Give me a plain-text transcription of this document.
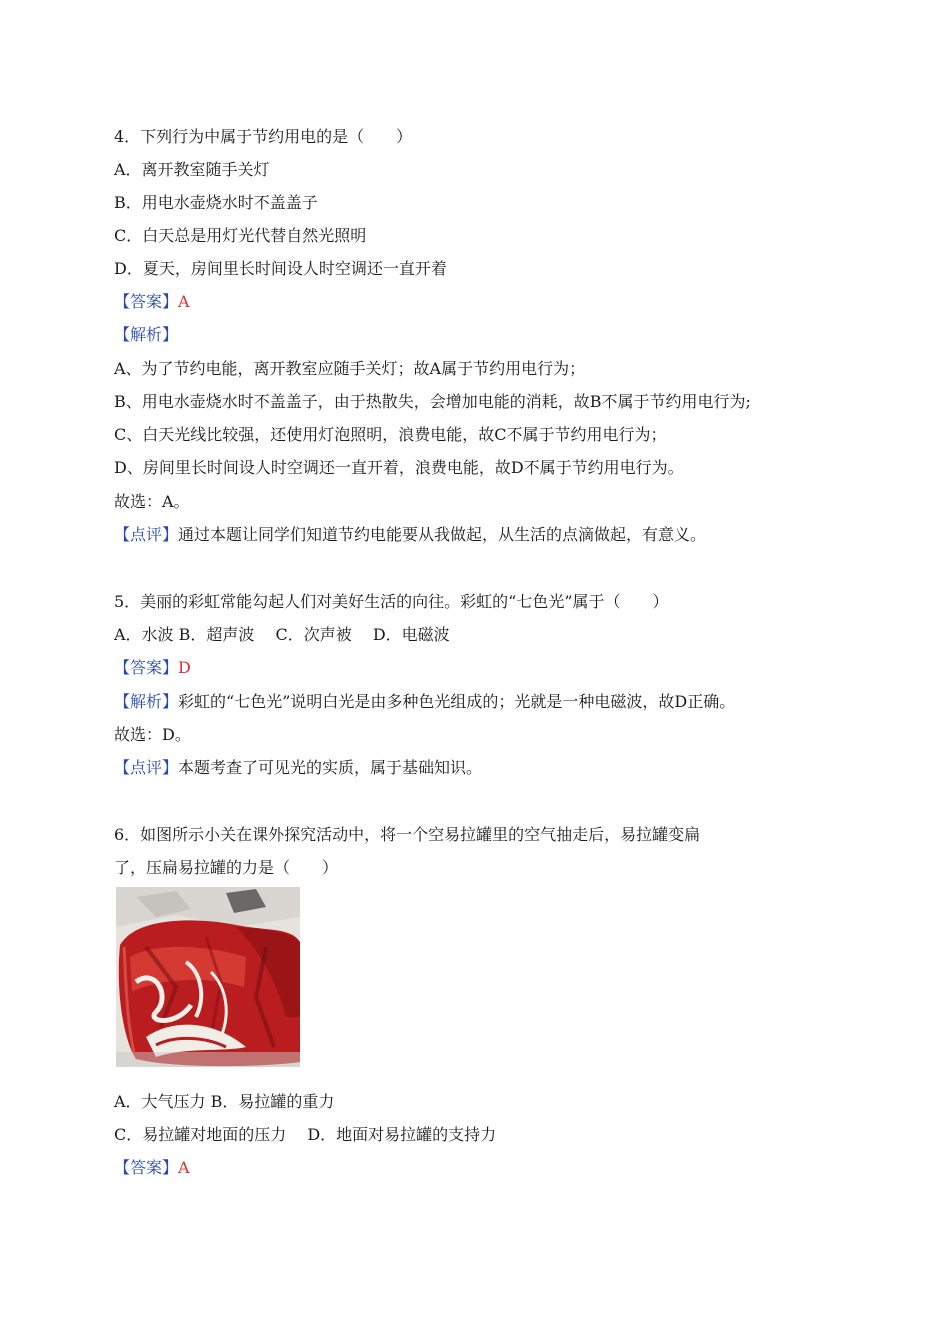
4．下列行为中属于节约用电的是（　　）
A．离开教室随手关灯
B．用电水壶烧水时不盖盖子
C．白天总是用灯光代替自然光照明
D．夏天，房间里长时间设人时空调还一直开着
【答案】A
【解析】
A、为了节约电能，离开教室应随手关灯；故A属于节约用电行为；
B、用电水壶烧水时不盖盖子，由于热散失，会增加电能的消耗，故B不属于节约用电行为;
C、白天光线比较强，还使用灯泡照明，浪费电能，故C不属于节约用电行为；
D、房间里长时间设人时空调还一直开着，浪费电能，故D不属于节约用电行为。
故选：A。
【点评】通过本题让同学们知道节约电能要从我做起，从生活的点滴做起，有意义。
5．美丽的彩虹常能勾起人们对美好生活的向往。彩虹的“七色光”属于（　　）
A．水波 B．超声波　 C．次声被　 D．电磁波
【答案】D
【解析】彩虹的“七色光”说明白光是由多种色光组成的；光就是一种电磁波，故D正确。
故选：D。
【点评】本题考查了可见光的实质，属于基础知识。
6．如图所示小关在课外探究活动中，将一个空易拉罐里的空气抽走后，易拉罐变扁
了，压扁易拉罐的力是（　　）
A．大气压力 B．易拉罐的重力
C．易拉罐对地面的压力　 D．地面对易拉罐的支持力
【答案】A
